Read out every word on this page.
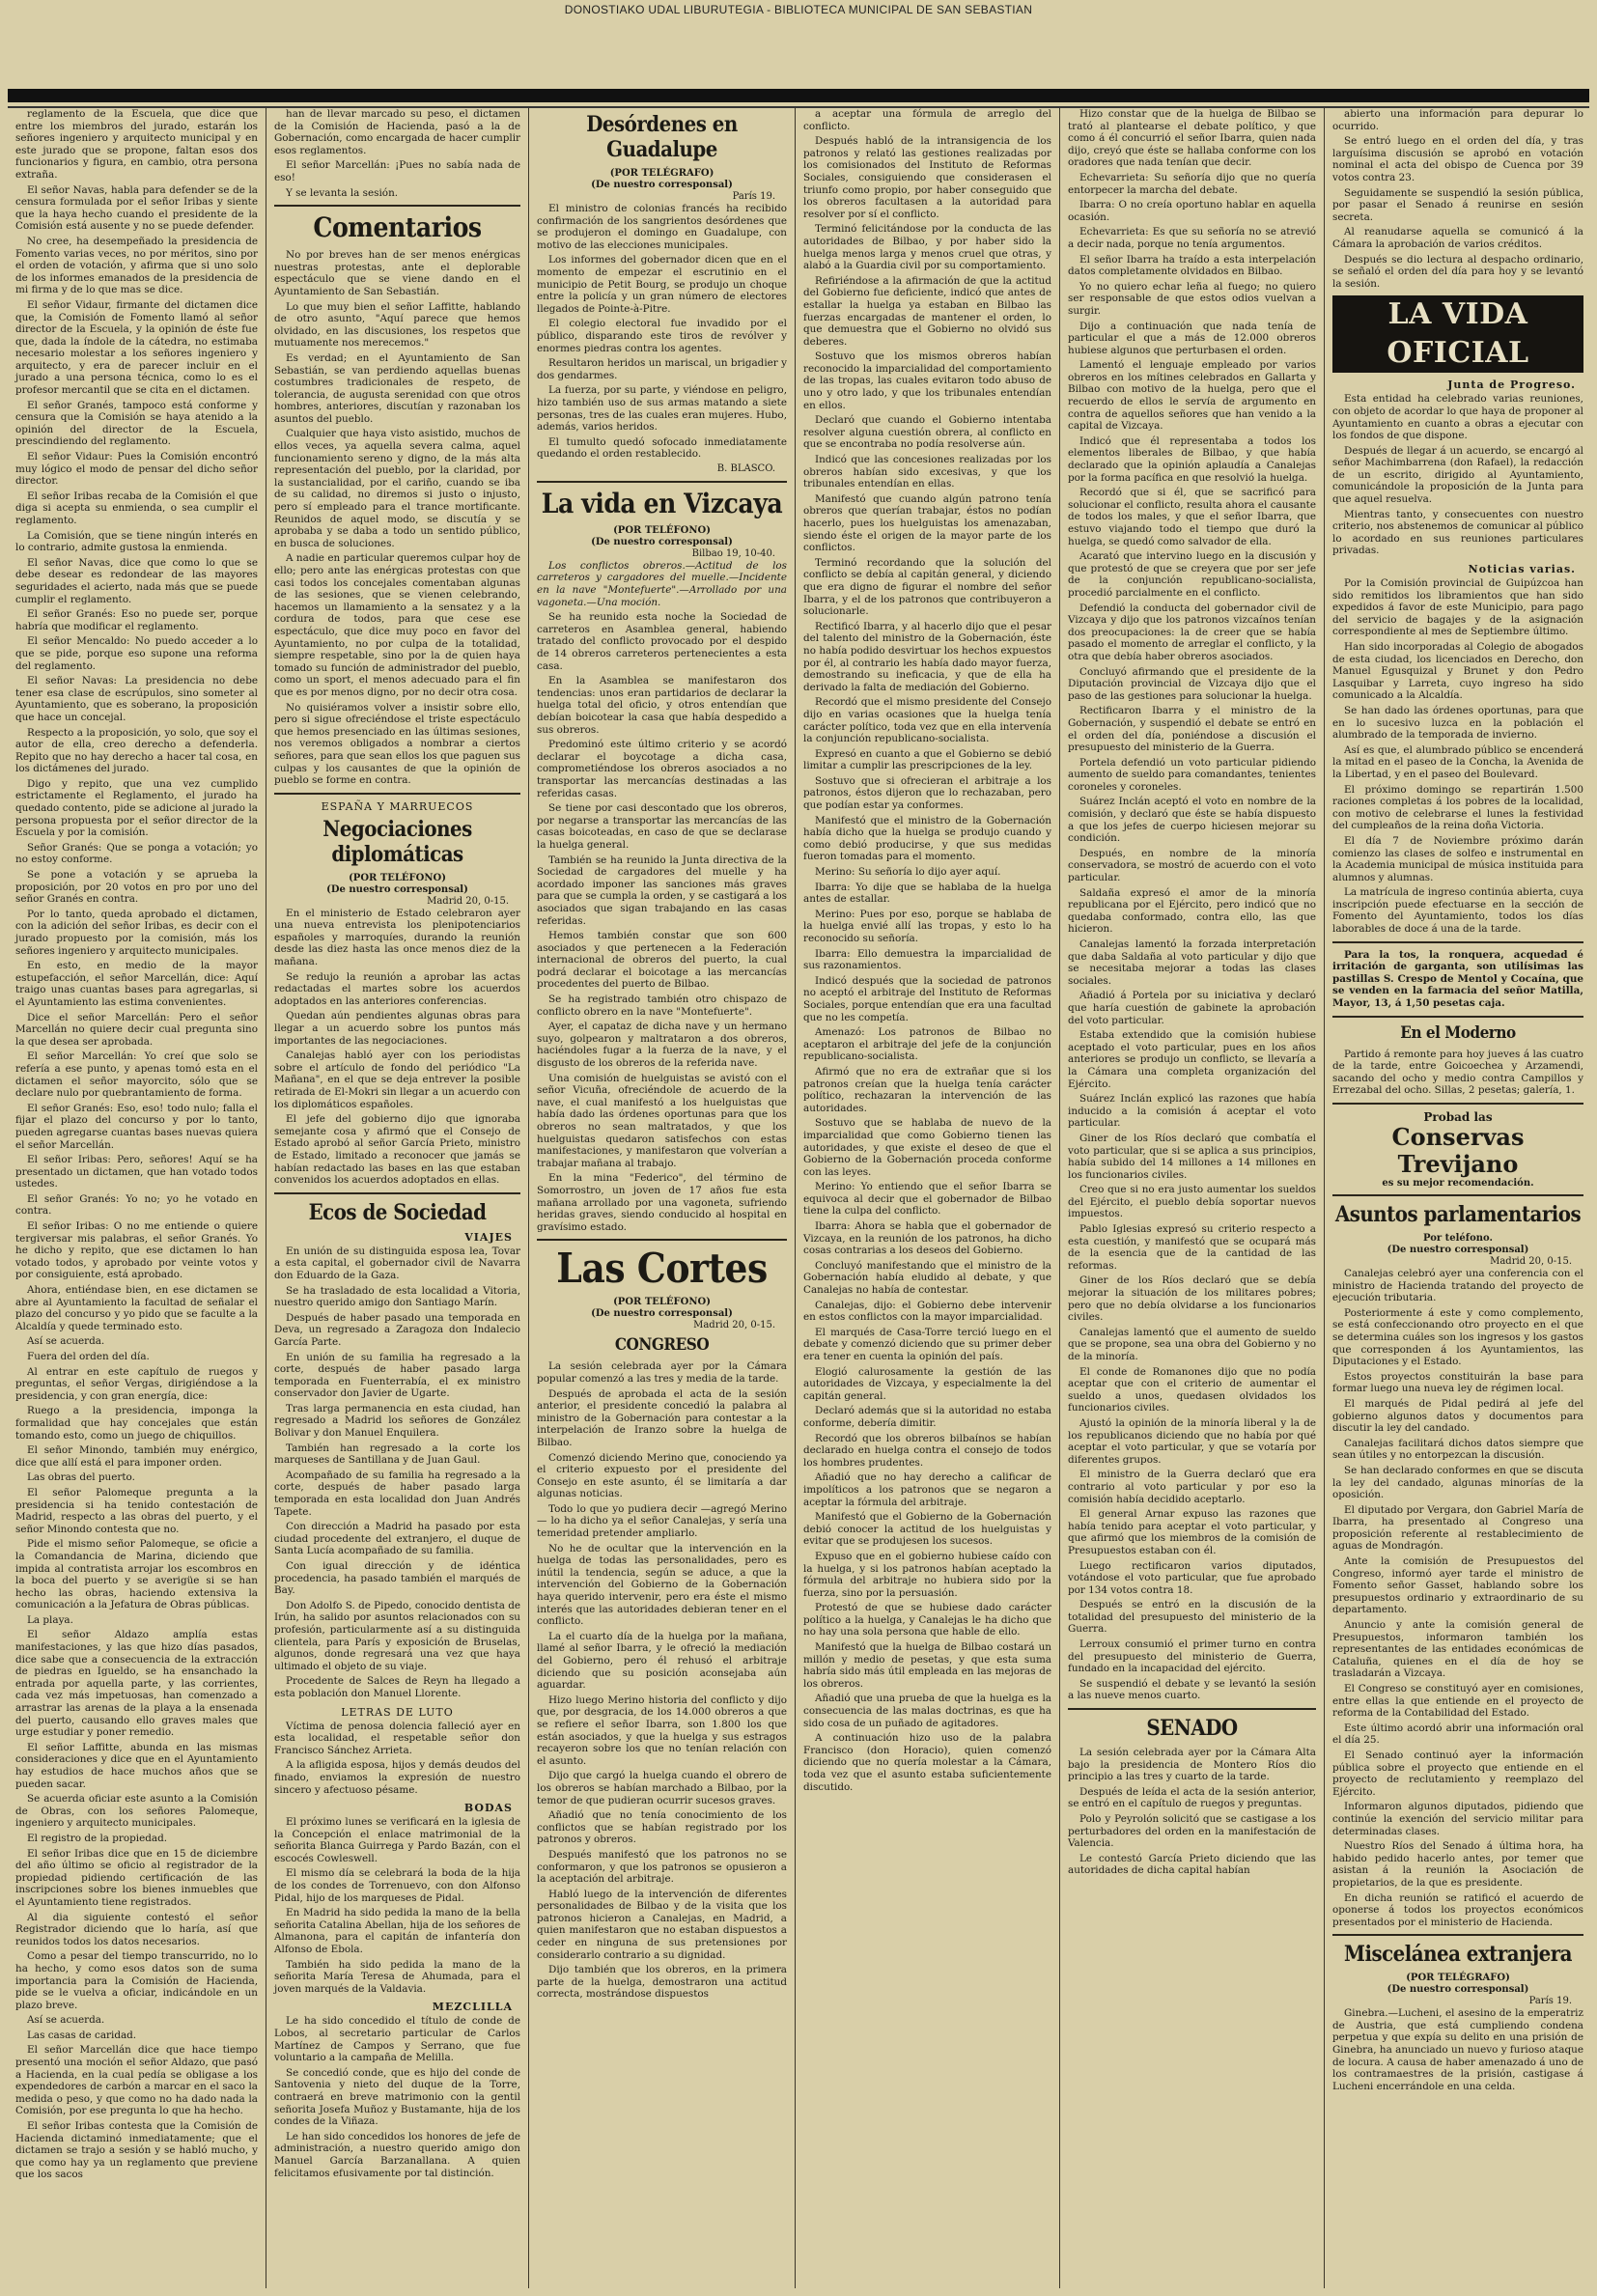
DONOSTIAKO UDAL LIBURUTEGIA - BIBLIOTECA MUNICIPAL DE SAN SEBASTIAN

reglamento de la Escuela, que dice que entre los miembros del jurado, estarán los señores ingeniero y arquitecto municipal y en este jurado que se propone, faltan esos dos funcionarios y figura, en cambio, otra persona extraña.

El señor Navas, habla para defender se de la censura formulada por el señor Iribas y siente que la haya hecho cuando el presidente de la Comisión está ausente y no se puede defender.

No cree, ha desempeñado la presidencia de Fomento varias veces, no por méritos, sino por el orden de votación, y afirma que si uno solo de los informes emanados de la presidencia de mi firma y de lo que mas se dice.

El señor Vidaur, firmante del dictamen dice que, la Comisión de Fomento llamó al señor director de la Escuela, y la opinión de éste fue que, dada la índole de la cátedra, no estimaba necesario molestar a los señores ingeniero y arquitecto, y era de parecer incluir en el jurado a una persona técnica, como lo es el profesor mercantil que se cita en el dictamen.

El señor Granés, tampoco está conforme y censura que la Comisión se haya atenido a la opinión del director de la Escuela, prescindiendo del reglamento.

El señor Vidaur: Pues la Comisión encontró muy lógico el modo de pensar del dicho señor director.

El señor Iribas recaba de la Comisión el que diga si acepta su enmienda, o sea cumplir el reglamento.

La Comisión, que se tiene ningún interés en lo contrario, admite gustosa la enmienda.

El señor Navas, dice que como lo que se debe desear es redondear de las mayores seguridades el acierto, nada más que se puede cumplir el reglamento.

El señor Granés: Eso no puede ser, porque habría que modificar el reglamento.

El señor Mencaldo: No puedo acceder a lo que se pide, porque eso supone una reforma del reglamento.

El señor Navas: La presidencia no debe tener esa clase de escrúpulos, sino someter al Ayuntamiento, que es soberano, la proposición que hace un concejal.

Respecto a la proposición, yo solo, que soy el autor de ella, creo derecho a defenderla. Repito que no hay derecho a hacer tal cosa, en los dictámenes del jurado.

Digo y repito, que una vez cumplido estrictamente el Reglamento, el jurado ha quedado contento, pide se adicione al jurado la persona propuesta por el señor director de la Escuela y por la comisión.

Señor Granés: Que se ponga a votación; yo no estoy conforme.

Se pone a votación y se aprueba la proposición, por 20 votos en pro por uno del señor Granés en contra.

Por lo tanto, queda aprobado el dictamen, con la adición del señor Iribas, es decir con el jurado propuesto por la comisión, más los señores ingeniero y arquitecto municipales.

En esto, en medio de la mayor estupefacción, el señor Marcellán, dice: Aquí traigo unas cuantas bases para agregarlas, si el Ayuntamiento las estima convenientes.

Dice el señor Marcellán: Pero el señor Marcellán no quiere decir cual pregunta sino la que desea ser aprobada.

El señor Marcellán: Yo creí que solo se refería a ese punto, y apenas tomó esta en el dictamen el señor mayorcito, sólo que se declare nulo por quebrantamiento de forma.

El señor Granés: Eso, eso! todo nulo; falla el fijar el plazo del concurso y por lo tanto, pueden agregarse cuantas bases nuevas quiera el señor Marcellán.

El señor Iribas: Pero, señores! Aquí se ha presentado un dictamen, que han votado todos ustedes.

El señor Granés: Yo no; yo he votado en contra.

El señor Iribas: O no me entiende o quiere tergiversar mis palabras, el señor Granés. Yo he dicho y repito, que ese dictamen lo han votado todos, y aprobado por veinte votos y por consiguiente, está aprobado.

Ahora, entiéndase bien, en ese dictamen se abre al Ayuntamiento la facultad de señalar el plazo del concurso y yo pido que se faculte a la Alcaldía y quede terminado esto.

Así se acuerda.

Fuera del orden del día.

Al entrar en este capítulo de ruegos y preguntas, el señor Vergas, dirigiéndose a la presidencia, y con gran energía, dice:

Ruego a la presidencia, imponga la formalidad que hay concejales que están tomando esto, como un juego de chiquillos.

El señor Minondo, también muy enérgico, dice que allí está el para imponer orden.

Las obras del puerto.

El señor Palomeque pregunta a la presidencia si ha tenido contestación de Madrid, respecto a las obras del puerto, y el señor Minondo contesta que no.

Pide el mismo señor Palomeque, se oficie a la Comandancia de Marina, diciendo que impida al contratista arrojar los escombros en la boca del puerto y se averigüe si se han hecho las obras, haciendo extensiva la comunicación a la Jefatura de Obras públicas.

La playa.

El señor Aldazo amplía estas manifestaciones, y las que hizo días pasados, dice sabe que a consecuencia de la extracción de piedras en Igueldo, se ha ensanchado la entrada por aquella parte, y las corrientes, cada vez más impetuosas, han comenzado a arrastrar las arenas de la playa a la ensenada del puerto, causando ello graves males que urge estudiar y poner remedio.

El señor Laffitte, abunda en las mismas consideraciones y dice que en el Ayuntamiento hay estudios de hace muchos años que se pueden sacar.

Se acuerda oficiar este asunto a la Comisión de Obras, con los señores Palomeque, ingeniero y arquitecto municipales.

El registro de la propiedad.

El señor Iribas dice que en 15 de diciembre del año último se oficio al registrador de la propiedad pidiendo certificación de las inscripciones sobre los bienes inmuebles que el Ayuntamiento tiene registrados.

Al dia siguiente contestó el señor Registrador diciendo que lo haría, así que reunidos todos los datos necesarios.

Como a pesar del tiempo transcurrido, no lo ha hecho, y como esos datos son de suma importancia para la Comisión de Hacienda, pide se le vuelva a oficiar, indicándole en un plazo breve.

Así se acuerda.

Las casas de caridad.

El señor Marcellán dice que hace tiempo presentó una moción el señor Aldazo, que pasó a Hacienda, en la cual pedía se obligase a los expendedores de carbón a marcar en el saco la medida o peso, y que como no ha dado nada la Comisión, por ese pregunta lo que ha hecho.

El señor Iribas contesta que la Comisión de Hacienda dictaminó inmediatamente; que el dictamen se trajo a sesión y se habló mucho, y que como hay ya un reglamento que previene que los sacos

han de llevar marcado su peso, el dictamen de la Comisión de Hacienda, pasó a la de Gobernación, como encargada de hacer cumplir esos reglamentos.

El señor Marcellán: ¡Pues no sabía nada de eso!

Y se levanta la sesión.

Comentarios

No por breves han de ser menos enérgicas nuestras protestas, ante el deplorable espectáculo que se viene dando en el Ayuntamiento de San Sebastián.

Lo que muy bien el señor Laffitte, hablando de otro asunto, "Aquí parece que hemos olvidado, en las discusiones, los respetos que mutuamente nos merecemos."

Es verdad; en el Ayuntamiento de San Sebastián, se van perdiendo aquellas buenas costumbres tradicionales de respeto, de tolerancia, de augusta serenidad con que otros hombres, anteriores, discutían y razonaban los asuntos del pueblo.

Cualquier que haya visto asistido, muchos de ellos veces, ya aquella severa calma, aquel funcionamiento sereno y digno, de la más alta representación del pueblo, por la claridad, por la sustancialidad, por el cariño, cuando se iba de su calidad, no diremos si justo o injusto, pero sí empleado para el trance mortificante. Reunidos de aquel modo, se discutía y se aprobaba y se daba a todo un sentido público, en busca de soluciones.

A nadie en particular queremos culpar hoy de ello; pero ante las enérgicas protestas con que casi todos los concejales comentaban algunas de las sesiones, que se vienen celebrando, hacemos un llamamiento a la sensatez y a la cordura de todos, para que cese ese espectáculo, que dice muy poco en favor del Ayuntamiento, no por culpa de la totalidad, siempre respetable, sino por la de quien haya tomado su función de administrador del pueblo, como un sport, el menos adecuado para el fin que es por menos digno, por no decir otra cosa.

No quisiéramos volver a insistir sobre ello, pero si sigue ofreciéndose el triste espectáculo que hemos presenciado en las últimas sesiones, nos veremos obligados a nombrar a ciertos señores, para que sean ellos los que paguen sus culpas y los causantes de que la opinión de pueblo se forme en contra.

ESPAÑA Y MARRUECOS
Negociaciones diplomáticas
(POR TELÉFONO)
(De nuestro corresponsal)
Madrid 20, 0-15.

En el ministerio de Estado celebraron ayer una nueva entrevista los plenipotenciarios españoles y marroquíes, durando la reunión desde las diez hasta las once menos diez de la mañana.

Se redujo la reunión a aprobar las actas redactadas el martes sobre los acuerdos adoptados en las anteriores conferencias.

Quedan aún pendientes algunas obras para llegar a un acuerdo sobre los puntos más importantes de las negociaciones.

Canalejas habló ayer con los periodistas sobre el artículo de fondo del periódico "La Mañana", en el que se deja entrever la posible retirada de El-Mokri sin llegar a un acuerdo con los diplomáticos españoles.

El jefe del gobierno dijo que ignoraba semejante cosa y afirmó que el Consejo de Estado aprobó al señor García Prieto, ministro de Estado, limitado a reconocer que jamás se habían redactado las bases en las que estaban convenidos los acuerdos adoptados en ellas.

Ecos de Sociedad
VIAJES

En unión de su distinguida esposa lea, Tovar a esta capital, el gobernador civil de Navarra don Eduardo de la Gaza.

Se ha trasladado de esta localidad a Vitoria, nuestro querido amigo don Santiago Marín.

Después de haber pasado una temporada en Deva, un regresado a Zaragoza don Indalecio García Parte.

En unión de su familia ha regresado a la corte, después de haber pasado larga temporada en Fuenterrabía, el ex ministro conservador don Javier de Ugarte.

Tras larga permanencia en esta ciudad, han regresado a Madrid los señores de González Bolivar y don Manuel Enquilera.

También han regresado a la corte los marqueses de Santillana y de Juan Gaul.

Acompañado de su familia ha regresado a la corte, después de haber pasado larga temporada en esta localidad don Juan Andrés Tapete.

Con dirección a Madrid ha pasado por esta ciudad procedente del extranjero, el duque de Santa Lucía acompañado de su familia.

Con igual dirección y de idéntica procedencia, ha pasado también el marqués de Bay.

Don Adolfo S. de Pipedo, conocido dentista de Irún, ha salido por asuntos relacionados con su profesión, particularmente así a su distinguida clientela, para París y exposición de Bruselas, algunos, donde regresará una vez que haya ultimado el objeto de su viaje.

Procedente de Salces de Reyn ha llegado a esta población don Manuel Llorente.

LETRAS DE LUTO

Víctima de penosa dolencia falleció ayer en esta localidad, el respetable señor don Francisco Sánchez Arrieta.

A la afligida esposa, hijos y demás deudos del finado, enviamos la expresión de nuestro sincero y afectuoso pésame.

BODAS

El próximo lunes se verificará en la iglesia de la Concepción el enlace matrimonial de la señorita Blanca Guirrega y Pardo Bazán, con el escocés Cowleswell.

El mismo día se celebrará la boda de la hija de los condes de Torrenuevo, con don Alfonso Pidal, hijo de los marqueses de Pidal.

En Madrid ha sido pedida la mano de la bella señorita Catalina Abellan, hija de los señores de Almanona, para el capitán de infantería don Alfonso de Ebola.

También ha sido pedida la mano de la señorita María Teresa de Ahumada, para el joven marqués de la Valdavia.

MEZCLILLA

Le ha sido concedido el título de conde de Lobos, al secretario particular de Carlos Martínez de Campos y Serrano, que fue voluntario a la campaña de Melilla.

Se concedió conde, que es hijo del conde de Santovenia y nieto del duque de la Torre, contraerá en breve matrimonio con la gentil señorita Josefa Muñoz y Bustamante, hija de los condes de la Viñaza.

Le han sido concedidos los honores de jefe de administración, a nuestro querido amigo don Manuel García Barzanallana. A quien felicitamos efusivamente por tal distinción.

Desórdenes en Guadalupe
(POR TELÉGRAFO)
(De nuestro corresponsal)
París 19.

El ministro de colonias francés ha recibido confirmación de los sangrientos desórdenes que se produjeron el domingo en Guadalupe, con motivo de las elecciones municipales.

Los informes del gobernador dicen que en el momento de empezar el escrutinio en el municipio de Petit Bourg, se produjo un choque entre la policía y un gran número de electores llegados de Pointe-à-Pitre.

El colegio electoral fue invadido por el público, disparando este tiros de revólver y enormes piedras contra los agentes.

Resultaron heridos un mariscal, un brigadier y dos gendarmes.

La fuerza, por su parte, y viéndose en peligro, hizo también uso de sus armas matando a siete personas, tres de las cuales eran mujeres. Hubo, además, varios heridos.

El tumulto quedó sofocado inmediatamente quedando el orden restablecido.

B. BLASCO.
La vida en Vizcaya
(POR TELÉFONO)
(De nuestro corresponsal)
Bilbao 19, 10-40.

Los conflictos obreros.—Actitud de los carreteros y cargadores del muelle.—Incidente en la nave "Montefuerte".—Arrollado por una vagoneta.—Una moción.

Se ha reunido esta noche la Sociedad de carreteros en Asamblea general, habiendo tratado del conflicto provocado por el despido de 14 obreros carreteros pertenecientes a esta casa.

En la Asamblea se manifestaron dos tendencias: unos eran partidarios de declarar la huelga total del oficio, y otros entendían que debían boicotear la casa que había despedido a sus obreros.

Predominó este último criterio y se acordó declarar el boycotage a dicha casa, comprometiéndose los obreros asociados a no transportar las mercancías destinadas a las referidas casas.

Se tiene por casi descontado que los obreros, por negarse a transportar las mercancías de las casas boicoteadas, en caso de que se declarase la huelga general.

También se ha reunido la Junta directiva de la Sociedad de cargadores del muelle y ha acordado imponer las sanciones más graves para que se cumpla la orden, y se castigará a los asociados que sigan trabajando en las casas referidas.

Hemos también constar que son 600 asociados y que pertenecen a la Federación internacional de obreros del puerto, la cual podrá declarar el boicotage a las mercancías procedentes del puerto de Bilbao.

Se ha registrado también otro chispazo de conflicto obrero en la nave "Montefuerte".

Ayer, el capataz de dicha nave y un hermano suyo, golpearon y maltrataron a dos obreros, haciéndoles fugar a la fuerza de la nave, y el disgusto de los obreros de la referida nave.

Una comisión de huelguistas se avistó con el señor Vicuña, ofreciéndole de acuerdo de la nave, el cual manifestó a los huelguistas que había dado las órdenes oportunas para que los obreros no sean maltratados, y que los huelguistas quedaron satisfechos con estas manifestaciones, y manifestaron que volverían a trabajar mañana al trabajo.

En la mina "Federico", del término de Somorrostro, un joven de 17 años fue esta mañana arrollado por una vagoneta, sufriendo heridas graves, siendo conducido al hospital en gravísimo estado.

Las Cortes
(POR TELÉFONO)
(De nuestro corresponsal)
Madrid 20, 0-15.
CONGRESO

La sesión celebrada ayer por la Cámara popular comenzó a las tres y media de la tarde.

Después de aprobada el acta de la sesión anterior, el presidente concedió la palabra al ministro de la Gobernación para contestar a la interpelación de Iranzo sobre la huelga de Bilbao.

Comenzó diciendo Merino que, conociendo ya el criterio expuesto por el presidente del Consejo en este asunto, él se limitaría a dar algunas noticias.

Todo lo que yo pudiera decir —agregó Merino— lo ha dicho ya el señor Canalejas, y sería una temeridad pretender ampliarlo.

No he de ocultar que la intervención en la huelga de todas las personalidades, pero es inútil la tendencia, según se aduce, a que la intervención del Gobierno de la Gobernación haya querido intervenir, pero era éste el mismo interés que las autoridades debieran tener en el conflicto.

La el cuarto día de la huelga por la mañana, llamé al señor Ibarra, y le ofreció la mediación del Gobierno, pero él rehusó el arbitraje diciendo que su posición aconsejaba aún aguardar.

Hizo luego Merino historia del conflicto y dijo que, por desgracia, de los 14.000 obreros a que se refiere el señor Ibarra, son 1.800 los que están asociados, y que la huelga y sus estragos recayeron sobre los que no tenían relación con el asunto.

Dijo que cargó la huelga cuando el obrero de los obreros se habían marchado a Bilbao, por la temor de que pudieran ocurrir sucesos graves.

Añadió que no tenía conocimiento de los conflictos que se habían registrado por los patronos y obreros.

Después manifestó que los patronos no se conformaron, y que los patronos se opusieron a la aceptación del arbitraje.

Habló luego de la intervención de diferentes personalidades de Bilbao y de la visita que los patronos hicieron a Canalejas, en Madrid, a quien manifestaron que no estaban dispuestos a ceder en ninguna de sus pretensiones por considerarlo contrario a su dignidad.

Dijo también que los obreros, en la primera parte de la huelga, demostraron una actitud correcta, mostrándose dispuestos

a aceptar una fórmula de arreglo del conflicto.

Después habló de la intransigencia de los patronos y relató las gestiones realizadas por los comisionados del Instituto de Reformas Sociales, consiguiendo que considerasen el triunfo como propio, por haber conseguido que los obreros facultasen a la autoridad para resolver por sí el conflicto.

Terminó felicitándose por la conducta de las autoridades de Bilbao, y por haber sido la huelga menos larga y menos cruel que otras, y alabó a la Guardia civil por su comportamiento.

Refiriéndose a la afirmación de que la actitud del Gobierno fue deficiente, indicó que antes de estallar la huelga ya estaban en Bilbao las fuerzas encargadas de mantener el orden, lo que demuestra que el Gobierno no olvidó sus deberes.

Sostuvo que los mismos obreros habían reconocido la imparcialidad del comportamiento de las tropas, las cuales evitaron todo abuso de uno y otro lado, y que los tribunales entendían en ellos.

Declaró que cuando el Gobierno intentaba resolver alguna cuestión obrera, al conflicto en que se encontraba no podía resolverse aún.

Indicó que las concesiones realizadas por los obreros habían sido excesivas, y que los tribunales entendían en ellas.

Manifestó que cuando algún patrono tenía obreros que querían trabajar, éstos no podían hacerlo, pues los huelguistas los amenazaban, siendo éste el origen de la mayor parte de los conflictos.

Terminó recordando que la solución del conflicto se debía al capitán general, y diciendo que era digno de figurar el nombre del señor Ibarra, y el de los patronos que contribuyeron a solucionarle.

Rectificó Ibarra, y al hacerlo dijo que el pesar del talento del ministro de la Gobernación, éste no había podido desvirtuar los hechos expuestos por él, al contrario les había dado mayor fuerza, demostrando su ineficacia, y que de ella ha derivado la falta de mediación del Gobierno.

Recordó que el mismo presidente del Consejo dijo en varias ocasiones que la huelga tenía carácter político, toda vez que en ella intervenía la conjunción republicano-socialista.

Expresó en cuanto a que el Gobierno se debió limitar a cumplir las prescripciones de la ley.

Sostuvo que si ofrecieran el arbitraje a los patronos, éstos dijeron que lo rechazaban, pero que podían estar ya conformes.

Manifestó que el ministro de la Gobernación había dicho que la huelga se produjo cuando y como debió producirse, y que sus medidas fueron tomadas para el momento.

Merino: Su señoría lo dijo ayer aquí.

Ibarra: Yo dije que se hablaba de la huelga antes de estallar.

Merino: Pues por eso, porque se hablaba de la huelga envié allí las tropas, y esto lo ha reconocido su señoría.

Ibarra: Ello demuestra la imparcialidad de sus razonamientos.

Indicó después que la sociedad de patronos no aceptó el arbitraje del Instituto de Reformas Sociales, porque entendían que era una facultad que no les competía.

Amenazó: Los patronos de Bilbao no aceptaron el arbitraje del jefe de la conjunción republicano-socialista.

Afirmó que no era de extrañar que si los patronos creían que la huelga tenía carácter político, rechazaran la intervención de las autoridades.

Sostuvo que se hablaba de nuevo de la imparcialidad que como Gobierno tienen las autoridades, y que existe el deseo de que el Gobierno de la Gobernación proceda conforme con las leyes.

Merino: Yo entiendo que el señor Ibarra se equivoca al decir que el gobernador de Bilbao tiene la culpa del conflicto.

Ibarra: Ahora se habla que el gobernador de Vizcaya, en la reunión de los patronos, ha dicho cosas contrarias a los deseos del Gobierno.

Concluyó manifestando que el ministro de la Gobernación había eludido al debate, y que Canalejas no había de contestar.

Canalejas, dijo: el Gobierno debe intervenir en estos conflictos con la mayor imparcialidad.

El marqués de Casa-Torre terció luego en el debate y comenzó diciendo que su primer deber era tener en cuenta la opinión del país.

Elogió calurosamente la gestión de las autoridades de Vizcaya, y especialmente la del capitán general.

Declaró además que si la autoridad no estaba conforme, debería dimitir.

Recordó que los obreros bilbaínos se habían declarado en huelga contra el consejo de todos los hombres prudentes.

Añadió que no hay derecho a calificar de impolíticos a los patronos que se negaron a aceptar la fórmula del arbitraje.

Manifestó que el Gobierno de la Gobernación debió conocer la actitud de los huelguistas y evitar que se produjesen los sucesos.

Expuso que en el gobierno hubiese caído con la huelga, y si los patronos habían aceptado la fórmula del arbitraje no hubiera sido por la fuerza, sino por la persuasión.

Protestó de que se hubiese dado carácter político a la huelga, y Canalejas le ha dicho que no hay una sola persona que hable de ello.

Manifestó que la huelga de Bilbao costará un millón y medio de pesetas, y que esta suma habría sido más útil empleada en las mejoras de los obreros.

Añadió que una prueba de que la huelga es la consecuencia de las malas doctrinas, es que ha sido cosa de un puñado de agitadores.

A continuación hizo uso de la palabra Francisco (don Horacio), quien comenzó diciendo que no quería molestar a la Cámara, toda vez que el asunto estaba suficientemente discutido.

Hizo constar que de la huelga de Bilbao se trató al plantearse el debate político, y que como á él concurrió el señor Ibarra, quien nada dijo, creyó que éste se hallaba conforme con los oradores que nada tenían que decir.

Echevarrieta: Su señoría dijo que no quería entorpecer la marcha del debate.

Ibarra: O no creía oportuno hablar en aquella ocasión.

Echevarrieta: Es que su señoría no se atrevió a decir nada, porque no tenía argumentos.

El señor Ibarra ha traído a esta interpelación datos completamente olvidados en Bilbao.

Yo no quiero echar leña al fuego; no quiero ser responsable de que estos odios vuelvan a surgir.

Dijo a continuación que nada tenía de particular el que a más de 12.000 obreros hubiese algunos que perturbasen el orden.

Lamentó el lenguaje empleado por varios obreros en los mítines celebrados en Gallarta y Bilbao con motivo de la huelga, pero que el recuerdo de ellos le servía de argumento en contra de aquellos señores que han venido a la capital de Vizcaya.

Indicó que él representaba a todos los elementos liberales de Bilbao, y que había declarado que la opinión aplaudía a Canalejas por la forma pacífica en que resolvió la huelga.

Recordó que si él, que se sacrificó para solucionar el conflicto, resulta ahora el causante de todos los males, y que el señor Ibarra, que estuvo viajando todo el tiempo que duró la huelga, se quedó como salvador de ella.

Acarató que intervino luego en la discusión y que protestó de que se creyera que por ser jefe de la conjunción republicano-socialista, procedió parcialmente en el conflicto.

Defendió la conducta del gobernador civil de Vizcaya y dijo que los patronos vizcaínos tenían dos preocupaciones: la de creer que se había pasado el momento de arreglar el conflicto, y la otra que debía haber obreros asociados.

Concluyó afirmando que el presidente de la Diputación provincial de Vizcaya dijo que el paso de las gestiones para solucionar la huelga.

Rectificaron Ibarra y el ministro de la Gobernación, y suspendió el debate se entró en el orden del día, poniéndose a discusión el presupuesto del ministerio de la Guerra.

Portela defendió un voto particular pidiendo aumento de sueldo para comandantes, tenientes coroneles y coroneles.

Suárez Inclán aceptó el voto en nombre de la comisión, y declaró que éste se había dispuesto a que los jefes de cuerpo hiciesen mejorar su condición.

Después, en nombre de la minoría conservadora, se mostró de acuerdo con el voto particular.

Saldaña expresó el amor de la minoría republicana por el Ejército, pero indicó que no quedaba conformado, contra ello, las que hicieron.

Canalejas lamentó la forzada interpretación que daba Saldaña al voto particular y dijo que se necesitaba mejorar a todas las clases sociales.

Añadió á Portela por su iniciativa y declaró que haría cuestión de gabinete la aprobación del voto particular.

Estaba extendido que la comisión hubiese aceptado el voto particular, pues en los años anteriores se produjo un conflicto, se llevaría a la Cámara una completa organización del Ejército.

Suárez Inclán explicó las razones que había inducido a la comisión á aceptar el voto particular.

Giner de los Ríos declaró que combatía el voto particular, que si se aplica a sus principios, había subido del 14 millones a 14 millones en los funcionarios civiles.

Creo que si no era justo aumentar los sueldos del Ejército, el pueblo debía soportar nuevos impuestos.

Pablo Iglesias expresó su criterio respecto a esta cuestión, y manifestó que se ocupará más de la esencia que de la cantidad de las reformas.

Giner de los Ríos declaró que se debía mejorar la situación de los militares pobres; pero que no debía olvidarse a los funcionarios civiles.

Canalejas lamentó que el aumento de sueldo que se propone, sea una obra del Gobierno y no de la minoría.

El conde de Romanones dijo que no podía aceptar que con el criterio de aumentar el sueldo a unos, quedasen olvidados los funcionarios civiles.

Ajustó la opinión de la minoría liberal y la de los republicanos diciendo que no había por qué aceptar el voto particular, y que se votaría por diferentes grupos.

El ministro de la Guerra declaró que era contrario al voto particular y por eso la comisión había decidido aceptarlo.

El general Arnar expuso las razones que había tenido para aceptar el voto particular, y que afirmó que los miembros de la comisión de Presupuestos estaban con él.

Luego rectificaron varios diputados, votándose el voto particular, que fue aprobado por 134 votos contra 18.

Después se entró en la discusión de la totalidad del presupuesto del ministerio de la Guerra.

Lerroux consumió el primer turno en contra del presupuesto del ministerio de Guerra, fundado en la incapacidad del ejército.

Se suspendió el debate y se levantó la sesión a las nueve menos cuarto.

SENADO

La sesión celebrada ayer por la Cámara Alta bajo la presidencia de Montero Ríos dio principio a las tres y cuarto de la tarde.

Después de leída el acta de la sesión anterior, se entró en el capítulo de ruegos y preguntas.

Polo y Peyrolón solicitó que se castigase a los perturbadores del orden en la manifestación de Valencia.

Le contestó García Prieto diciendo que las autoridades de dicha capital habían

abierto una información para depurar lo ocurrido.

Se entró luego en el orden del día, y tras larguísima discusión se aprobó en votación nominal el acta del obispo de Cuenca por 39 votos contra 23.

Seguidamente se suspendió la sesión pública, por pasar el Senado á reunirse en sesión secreta.

Al reanudarse aquella se comunicó á la Cámara la aprobación de varios créditos.

Después se dio lectura al despacho ordinario, se señaló el orden del día para hoy y se levantó la sesión.

LA VIDA OFICIAL
Junta de Progreso.

Esta entidad ha celebrado varias reuniones, con objeto de acordar lo que haya de proponer al Ayuntamiento en cuanto a obras a ejecutar con los fondos de que dispone.

Después de llegar á un acuerdo, se encargó al señor Machimbarrena (don Rafael), la redacción de un escrito, dirigido al Ayuntamiento, comunicándole la proposición de la Junta para que aquel resuelva.

Mientras tanto, y consecuentes con nuestro criterio, nos abstenemos de comunicar al público lo acordado en sus reuniones particulares privadas.

Noticias varias.

Por la Comisión provincial de Guipúzcoa han sido remitidos los libramientos que han sido expedidos á favor de este Municipio, para pago del servicio de bagajes y de la asignación correspondiente al mes de Septiembre último.

Han sido incorporadas al Colegio de abogados de esta ciudad, los licenciados en Derecho, don Manuel Egusquizal y Brunet y don Pedro Lasquibar y Larreta, cuyo ingreso ha sido comunicado a la Alcaldía.

Se han dado las órdenes oportunas, para que en lo sucesivo luzca en la población el alumbrado de la temporada de invierno.

Así es que, el alumbrado público se encenderá la mitad en el paseo de la Concha, la Avenida de la Libertad, y en el paseo del Boulevard.

El próximo domingo se repartirán 1.500 raciones completas á los pobres de la localidad, con motivo de celebrarse el lunes la festividad del cumpleaños de la reina doña Victoria.

El día 7 de Noviembre próximo darán comienzo las clases de solfeo e instrumental en la Academia municipal de música instituida para alumnos y alumnas.

La matrícula de ingreso continúa abierta, cuya inscripción puede efectuarse en la sección de Fomento del Ayuntamiento, todos los días laborables de doce á una de la tarde.

Para la tos, la ronquera, acquedad é irritación de garganta, son utilísimas las pastillas S. Crespo de Mentol y Cocaína, que se venden en la farmacia del señor Matilla, Mayor, 13, á 1,50 pesetas caja.

En el Moderno

Partido á remonte para hoy jueves á las cuatro de la tarde, entre Goicoechea y Arzamendi, sacando del ocho y medio contra Campillos y Errezabal del ocho. Sillas, 2 pesetas; galería, 1.

Probad las
Conservas Trevijano
es su mejor recomendación.
Asuntos parlamentarios
Por teléfono.
(De nuestro corresponsal)
Madrid 20, 0-15.

Canalejas celebró ayer una conferencia con el ministro de Hacienda tratando del proyecto de ejecución tributaria.

Posteriormente á este y como complemento, se está confeccionando otro proyecto en el que se determina cuáles son los ingresos y los gastos que corresponden á los Ayuntamientos, las Diputaciones y el Estado.

Estos proyectos constituirán la base para formar luego una nueva ley de régimen local.

El marqués de Pidal pedirá al jefe del gobierno algunos datos y documentos para discutir la ley del candado.

Canalejas facilitará dichos datos siempre que sean útiles y no entorpezcan la discusión.

Se han declarado conformes en que se discuta la ley del candado, algunas minorías de la oposición.

El diputado por Vergara, don Gabriel María de Ibarra, ha presentado al Congreso una proposición referente al restablecimiento de aguas de Mondragón.

Ante la comisión de Presupuestos del Congreso, informó ayer tarde el ministro de Fomento señor Gasset, hablando sobre los presupuestos ordinario y extraordinario de su departamento.

Anuncio y ante la comisión general de Presupuestos, informaron también los representantes de las entidades económicas de Cataluña, quienes en el día de hoy se trasladarán a Vizcaya.

El Congreso se constituyó ayer en comisiones, entre ellas la que entiende en el proyecto de reforma de la Contabilidad del Estado.

Este último acordó abrir una información oral el día 25.

El Senado continuó ayer la información pública sobre el proyecto que entiende en el proyecto de reclutamiento y reemplazo del Ejército.

Informaron algunos diputados, pidiendo que continúe la exención del servicio militar para determinadas clases.

Nuestro Ríos del Senado á última hora, ha habido pedido hacerlo antes, por temer que asistan á la reunión la Asociación de propietarios, de la que es presidente.

En dicha reunión se ratificó el acuerdo de oponerse á todos los proyectos económicos presentados por el ministerio de Hacienda.

Miscelánea extranjera
(POR TELÉGRAFO)
(De nuestro corresponsal)
París 19.

Ginebra.—Lucheni, el asesino de la emperatriz de Austria, que está cumpliendo condena perpetua y que expía su delito en una prisión de Ginebra, ha anunciado un nuevo y furioso ataque de locura. A causa de haber amenazado á uno de los contramaestres de la prisión, castigase á Lucheni encerrándole en una celda.
